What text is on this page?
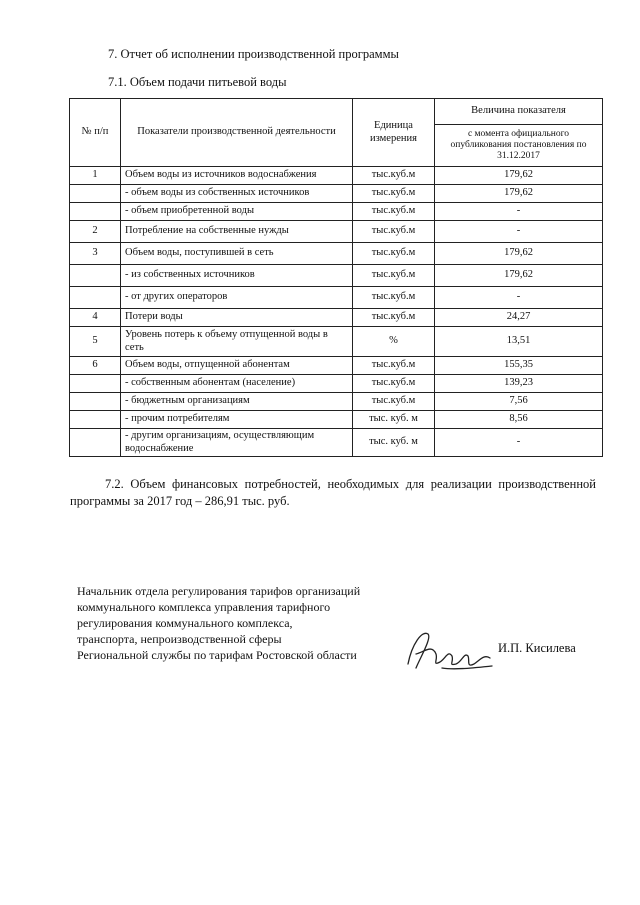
7. Отчет об исполнении производственной программы
7.1. Объем подачи питьевой воды
№ п/п	Показатели производственной деятельности	Единица измерения	Величина показателя
			с момента официального опубликования постановления по 31.12.2017
1	Объем воды из источников водоснабжения	тыс.куб.м	179,62
	- объем воды из собственных источников	тыс.куб.м	179,62
	- объем приобретенной воды	тыс.куб.м	-
2	Потребление на собственные нужды	тыс.куб.м	-
3	Объем воды, поступившей в сеть	тыс.куб.м	179,62
	- из собственных источников	тыс.куб.м	179,62
	- от других операторов	тыс.куб.м	-
4	Потери воды	тыс.куб.м	24,27
5	Уровень потерь к объему отпущенной воды в сеть	%	13,51
6	Объем воды, отпущенной абонентам	тыс.куб.м	155,35
	- собственным абонентам (население)	тыс.куб.м	139,23
	- бюджетным организациям	тыс.куб.м	7,56
	- прочим потребителям	тыс. куб. м	8,56
	- другим организациям, осуществляющим водоснабжение	тыс. куб. м	-
7.2. Объем финансовых потребностей, необходимых для реализации производственной программы за 2017 год – 286,91 тыс. руб.
Начальник отдела регулирования тарифов организаций
коммунального комплекса управления тарифного
регулирования коммунального комплекса,
транспорта, непроизводственной сферы
Региональной службы по тарифам Ростовской области	И.П. Кисилева
